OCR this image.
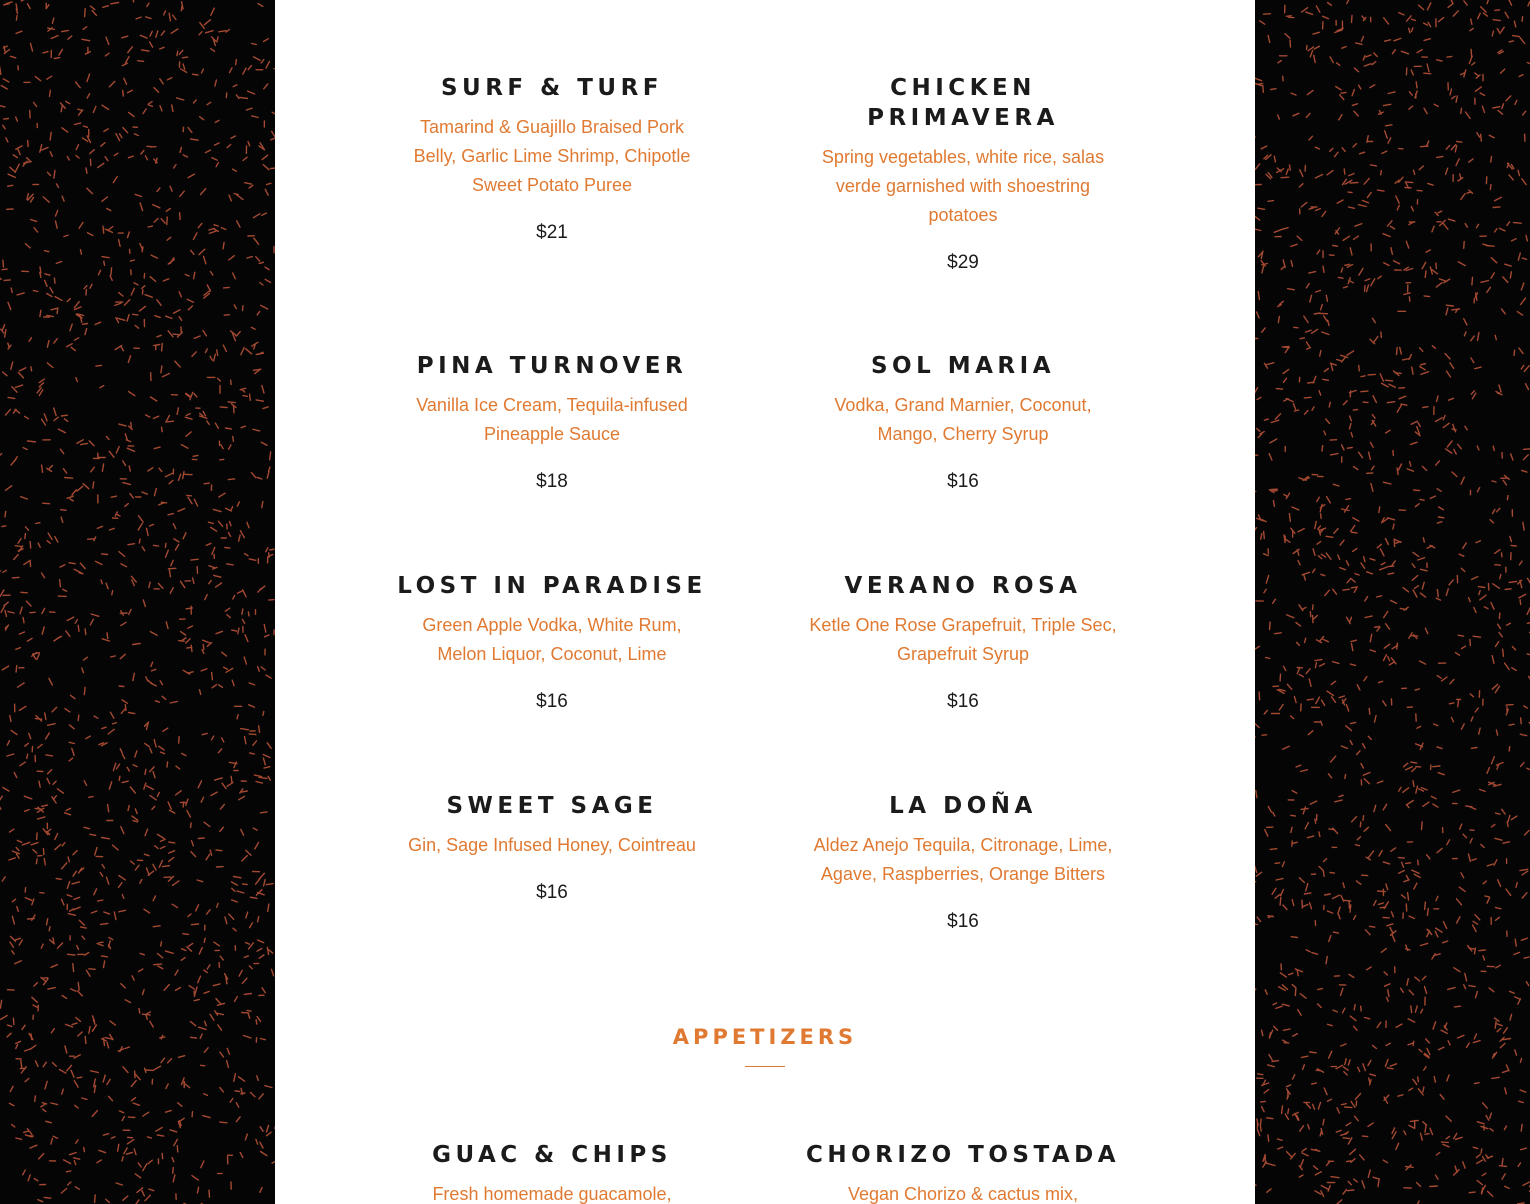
SURF & TURF

Tamarind & Guajillo Braised Pork Belly, Garlic Lime Shrimp, Chipotle Sweet Potato Puree

$21

CHICKEN PRIMAVERA

Spring vegetables, white rice, salas verde garnished with shoestring potatoes

$29

PINA TURNOVER

Vanilla Ice Cream, Tequila-infused Pineapple Sauce

$18

SOL MARIA

Vodka, Grand Marnier, Coconut, Mango, Cherry Syrup

$16

LOST IN PARADISE

Green Apple Vodka, White Rum, Melon Liquor, Coconut, Lime

$16

VERANO ROSA

Ketle One Rose Grapefruit, Triple Sec, Grapefruit Syrup

$16

SWEET SAGE

Gin, Sage Infused Honey, Cointreau

$16

LA DOÑA

Aldez Anejo Tequila, Citronage, Lime, Agave, Raspberries, Orange Bitters

$16

APPETIZERS
GUAC & CHIPS

Fresh homemade guacamole,

CHORIZO TOSTADA

Vegan Chorizo & cactus mix,
